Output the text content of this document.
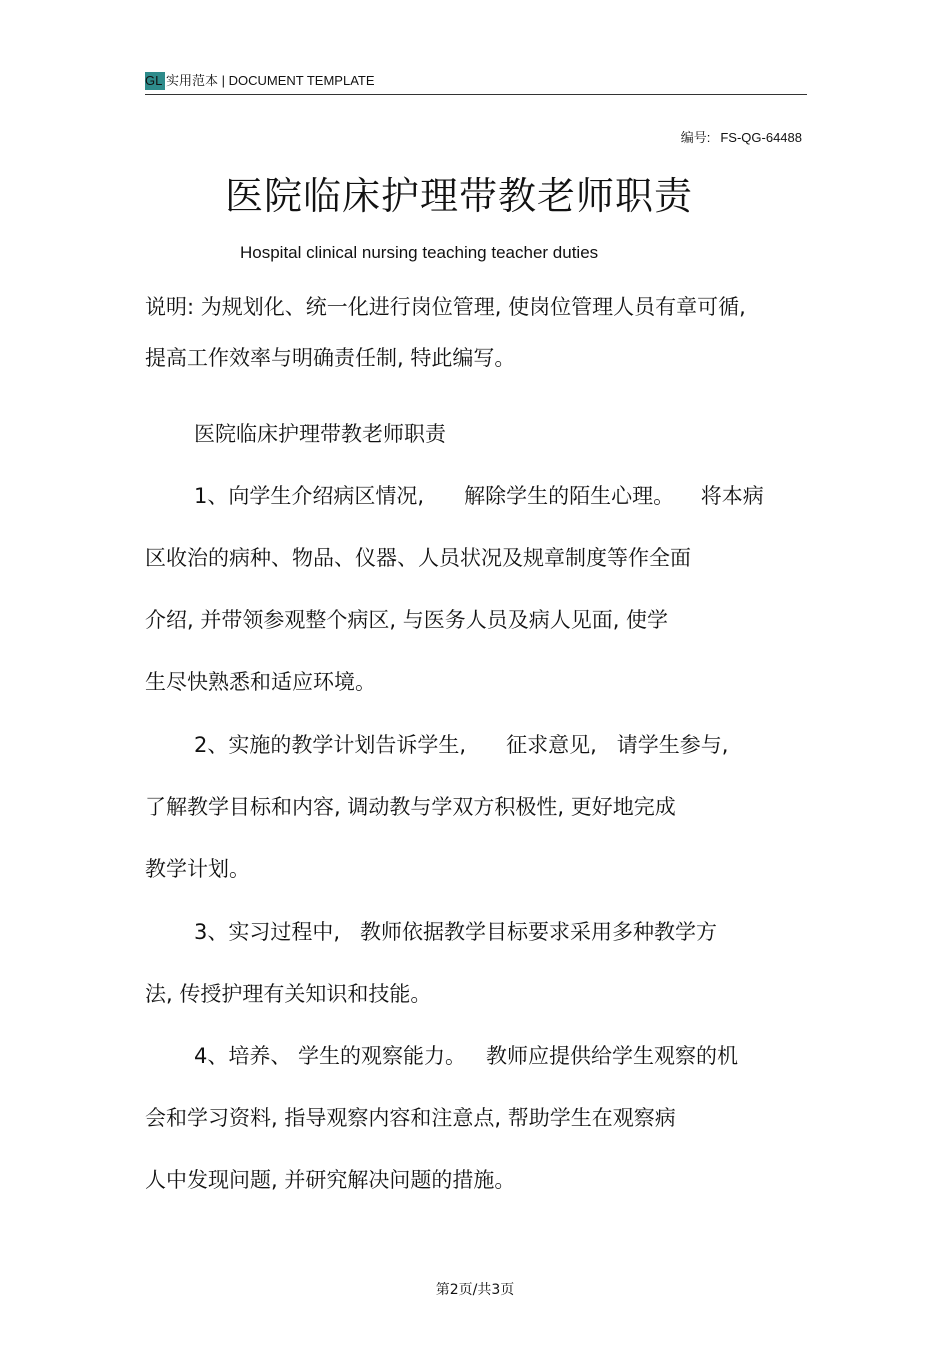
GL 实用范本 | DOCUMENT TEMPLATE
编号: FS-QG-64488
医院临床护理带教老师职责
Hospital clinical nursing teaching teacher duties
说明: 为规划化、统一化进行岗位管理, 使岗位管理人员有章可循,
提高工作效率与明确责任制, 特此编写。
医院临床护理带教老师职责
1、向学生介绍病区情况,      解除学生的陌生心理。    将本病
区收治的病种、物品、仪器、人员状况及规章制度等作全面
介绍, 并带领参观整个病区, 与医务人员及病人见面, 使学
生尽快熟悉和适应环境。
2、实施的教学计划告诉学生,      征求意见,   请学生参与,
了解教学目标和内容, 调动教与学双方积极性, 更好地完成
教学计划。
3、实习过程中,   教师依据教学目标要求采用多种教学方
法, 传授护理有关知识和技能。
4、培养、 学生的观察能力。   教师应提供给学生观察的机
会和学习资料, 指导观察内容和注意点, 帮助学生在观察病
人中发现问题, 并研究解决问题的措施。
第2页/共3页
